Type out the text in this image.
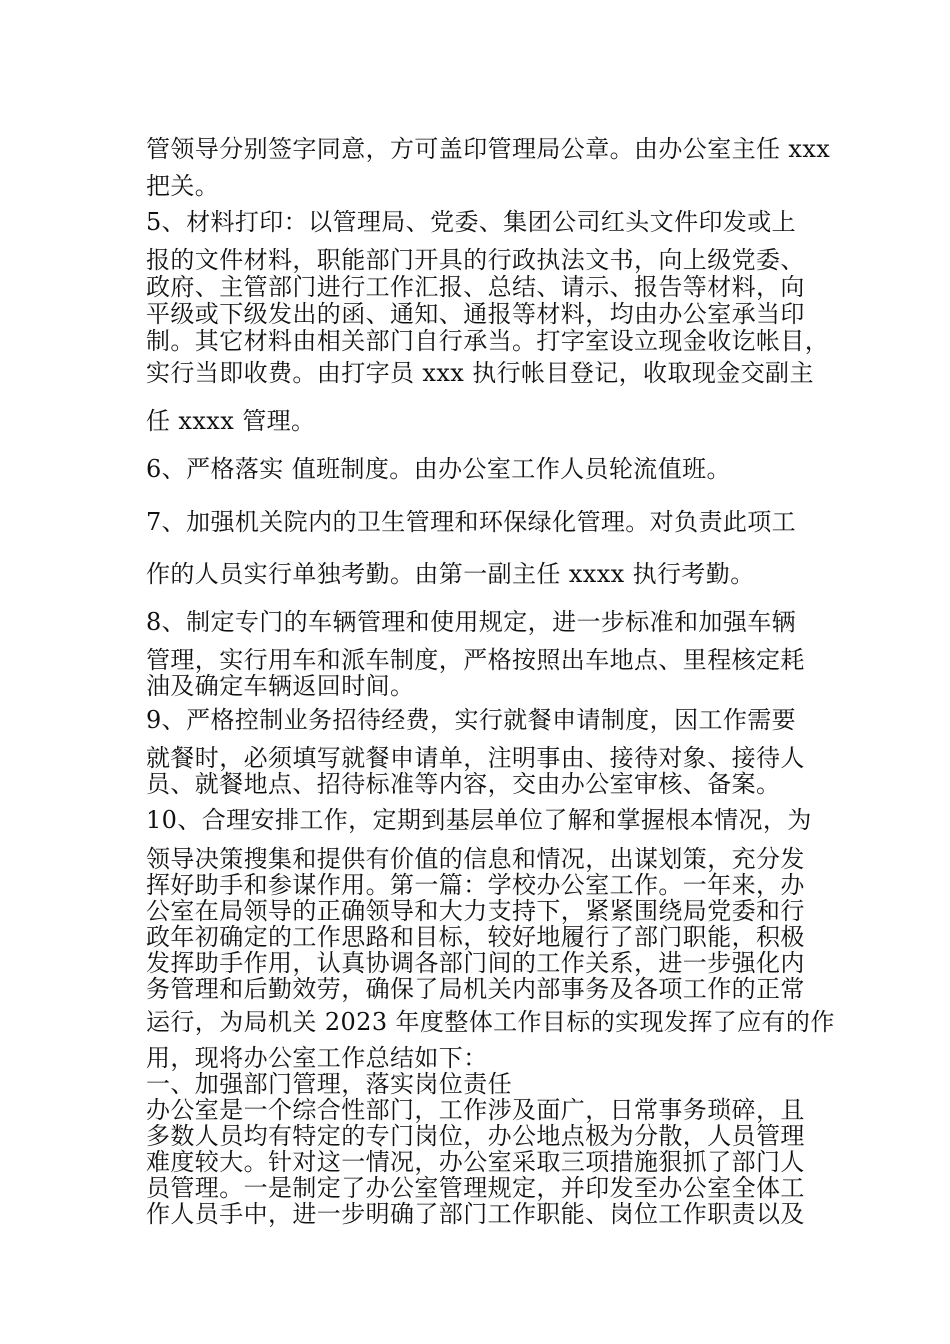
管领导分别签字同意，方可盖印管理局公章。由办公室主任 xxx

把关。

5、材料打印：以管理局、党委、集团公司红头文件印发或上

报的文件材料，职能部门开具的行政执法文书，向上级党委、

政府、主管部门进行工作汇报、总结、请示、报告等材料，向

平级或下级发出的函、通知、通报等材料，均由办公室承当印

制。其它材料由相关部门自行承当。打字室设立现金收讫帐目，

实行当即收费。由打字员 xxx 执行帐目登记，收取现金交副主

任 xxxx 管理。

6、严格落实 值班制度。由办公室工作人员轮流值班。

7、加强机关院内的卫生管理和环保绿化管理。对负责此项工

作的人员实行单独考勤。由第一副主任 xxxx 执行考勤。

8、制定专门的车辆管理和使用规定，进一步标准和加强车辆

管理，实行用车和派车制度，严格按照出车地点、里程核定耗

油及确定车辆返回时间。

9、严格控制业务招待经费，实行就餐申请制度，因工作需要

就餐时，必须填写就餐申请单，注明事由、接待对象、接待人

员、就餐地点、招待标准等内容，交由办公室审核、备案。

10、合理安排工作，定期到基层单位了解和掌握根本情况，为

领导决策搜集和提供有价值的信息和情况，出谋划策，充分发

挥好助手和参谋作用。第一篇：学校办公室工作。一年来，办

公室在局领导的正确领导和大力支持下，紧紧围绕局党委和行

政年初确定的工作思路和目标，较好地履行了部门职能，积极

发挥助手作用，认真协调各部门间的工作关系，进一步强化内

务管理和后勤效劳，确保了局机关内部事务及各项工作的正常

运行，为局机关 2023 年度整体工作目标的实现发挥了应有的作

用，现将办公室工作总结如下：

一、加强部门管理，落实岗位责任

办公室是一个综合性部门，工作涉及面广，日常事务琐碎，且

多数人员均有特定的专门岗位，办公地点极为分散，人员管理

难度较大。针对这一情况，办公室采取三项措施狠抓了部门人

员管理。一是制定了办公室管理规定，并印发至办公室全体工

作人员手中，进一步明确了部门工作职能、岗位工作职责以及
